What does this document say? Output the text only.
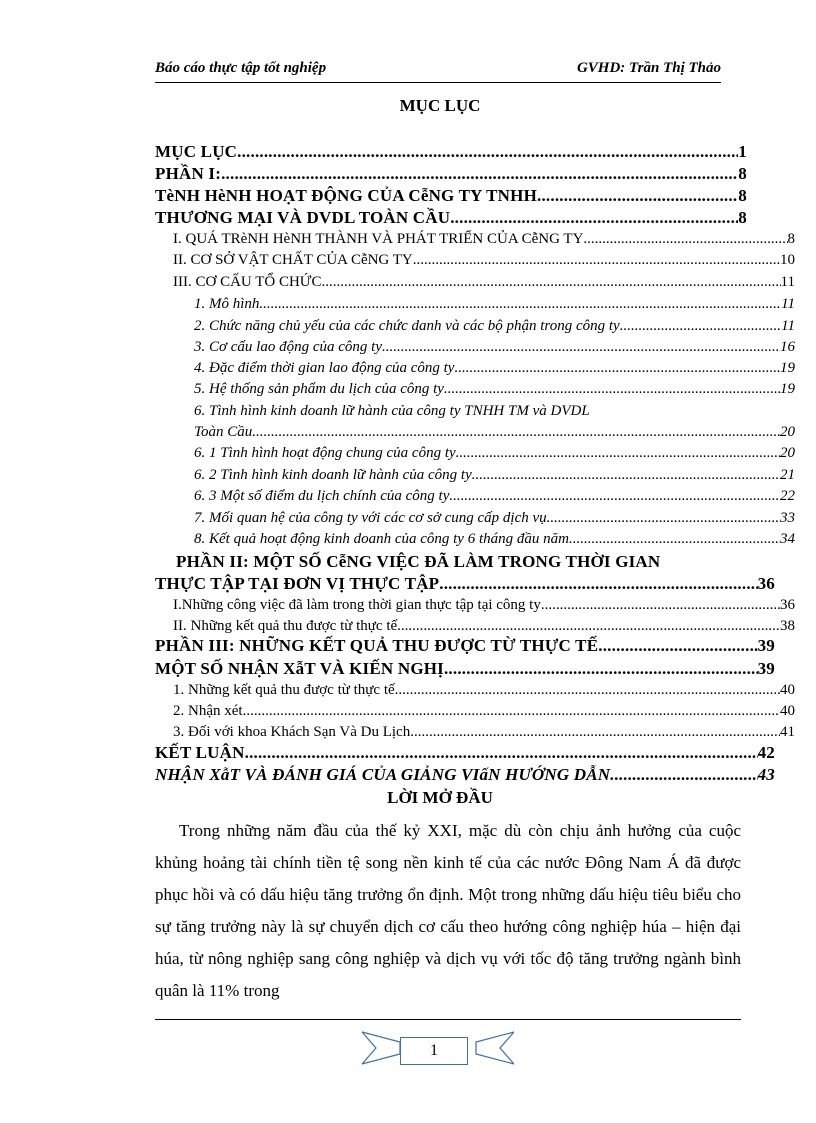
Báo cáo thực tập tốt nghiệp	GVHD: Trần Thị Thảo
MỤC LỤC
MỤC LỤC .....	1
PHẦN I: .....	8
TèNH HèNH HOẠT ĐỘNG CỦA CễNG TY TNHH .....	8
THƯƠNG MẠI VÀ DVDL TOÀN CẦU .....	8
I. QUÁ TRèNH HèNH THÀNH VÀ PHÁT TRIỂN CỦA CễNG TY .....	8
II. CƠ SỞ VẬT CHẤT CỦA CễNG TY .....	10
III. CƠ CẤU TỔ CHỨC .....	11
1. Mô hình .....	11
2. Chức năng chủ yếu của các chức danh và các bộ phận trong công ty .....	11
3. Cơ cấu lao động của công ty .....	16
4. Đặc điểm thời gian lao động của công ty .....	19
5. Hệ thống sản phẩm du lịch của công ty .....	19
6. Tình hình kinh doanh lữ hành của công ty TNHH TM và DVDL
Toàn Cầu .....	20
6. 1 Tình hình hoạt động chung của công ty .....	20
6. 2 Tình hình kinh doanh lữ hành của công ty .....	21
6. 3 Một số điểm du lịch chính của công ty .....	22
7. Mối quan hệ của công ty với các cơ sở cung cấp dịch vụ .....	33
8. Kết quả hoạt động kinh doanh của công ty 6 tháng đầu năm .....	34
PHẦN II: MỘT SỐ CễNG VIỆC ĐÃ LÀM TRONG THỜI GIAN
THỰC TẬP TẠI ĐƠN VỊ THỰC TẬP .....	36
I.Những công việc đã làm trong thời gian thực tập tại công ty .....	36
II. Những kết quả thu được từ thực tế .....	38
PHẦN III: NHỮNG KẾT QUẢ THU ĐƯỢC TỪ THỰC TẾ .....	39
MỘT SỐ NHẬN XẫT VÀ KIẾN NGHỊ .....	39
1. Những kết quả thu được từ thực tế .....	40
2. Nhận xét .....	40
3. Đối với khoa Khách Sạn Và Du Lịch .....	41
KẾT LUẬN .....	42
NHẬN XẫT VÀ ĐÁNH GIÁ CỦA GIẢNG VIấN HƯỚNG DẪN .....	43
LỜI MỞ ĐẦU
Trong những năm đầu của thế kỷ XXI, mặc dù còn chịu ảnh hưởng của cuộc khủng hoảng tài chính tiền tệ song nền kinh tế của các nước Đông Nam Á đã được phục hồi và có dấu hiệu tăng trưởng ổn định. Một trong những dấu hiệu tiêu biểu cho sự tăng trưởng này là sự chuyển dịch cơ cấu theo hướng công nghiệp húa – hiện đại húa, từ nông nghiệp sang công nghiệp và dịch vụ với tốc độ tăng trưởng ngành bình quân là 11% trong
1
